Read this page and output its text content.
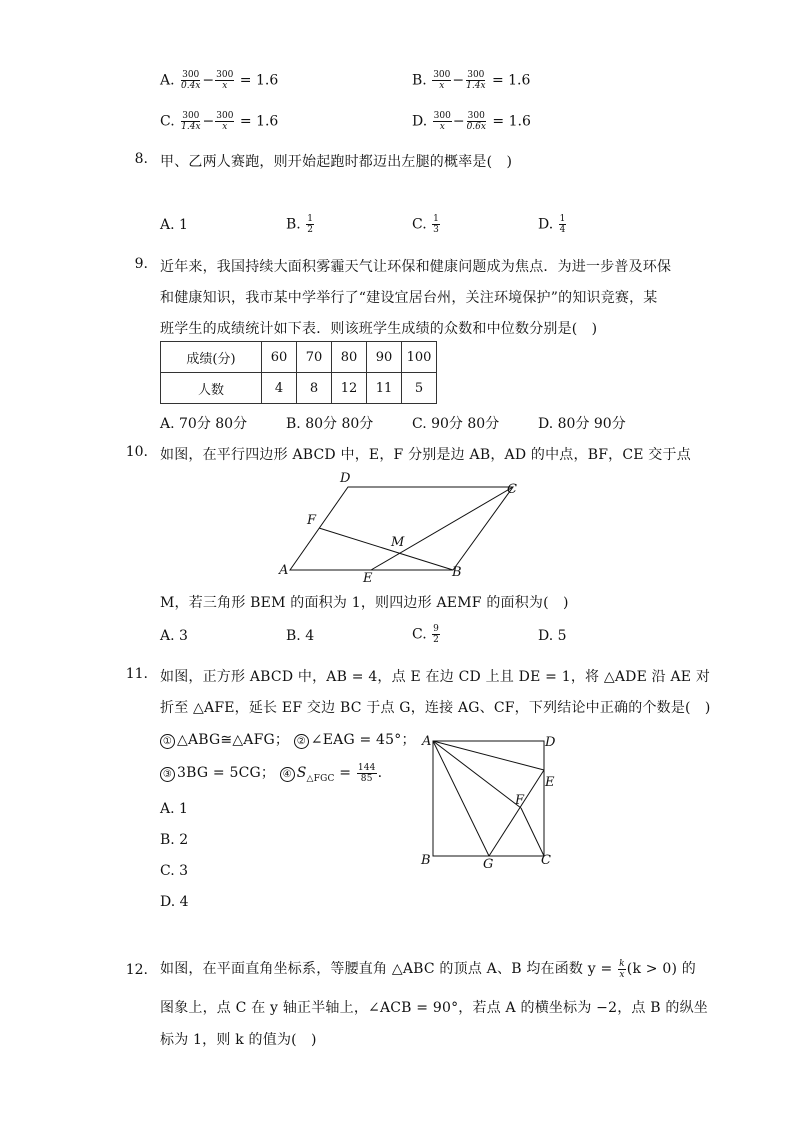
A. $\frac{300}{0.4x} - \frac{300}{x} = 1.6$	B. $\frac{300}{x} - \frac{300}{1.4x} = 1.6$
C. $\frac{300}{1.4x} - \frac{300}{x} = 1.6$	D. $\frac{300}{x} - \frac{300}{0.6x} = 1.6$
8. 甲、乙两人赛跑，则开始起跑时都迈出左腿的概率是(　)
A. 1	B. $\frac{1}{2}$	C. $\frac{1}{3}$	D. $\frac{1}{4}$
9. 近年来，我国持续大面积雾霾天气让环保和健康问题成为焦点．为进一步普及环保
和健康知识，我市某中学举行了“建设宜居台州，关注环境保护”的知识竞赛，某
班学生的成绩统计如下表．则该班学生成绩的众数和中位数分别是(　)
成绩(分)	60	70	80	90	100
人数	4	8	12	11	5
A. 70分 80分	B. 80分 80分	C. 90分 80分	D. 80分 90分
10. 如图，在平行四边形 ABCD 中，E，F 分别是边 AB，AD 的中点，BF，CE 交于点
A	B
C
D
E
F
M
M，若三角形 BEM 的面积为 1，则四边形 AEMF 的面积为(　)
A. 3	B. 4	C. $\frac{9}{2}$	D. 5
11. 如图，正方形 ABCD 中，AB = 4，点 E 在边 CD 上且 DE = 1，将 △ADE 沿 AE 对
折至 △AFE，延长 EF 交边 BC 于点 G，连接 AG、CF，下列结论中正确的个数是(　)
① △ABG≅△AFG； ② ∠EAG = 45°；
③ 3BG = 5CG； ④ $S_{\triangle FGC} = \frac{144}{85}$ .
A	D
E
F
B	G	C
A. 1
B. 2
C. 3
D. 4
12. 如图，在平面直角坐标系，等腰直角 △ABC 的顶点 A、B 均在函数 $y = \frac{k}{x} (k > 0)$ 的
图象上，点 C 在 y 轴正半轴上，∠ACB = 90°，若点 A 的横坐标为 −2，点 B 的纵坐
标为 1，则 k 的值为(　)
